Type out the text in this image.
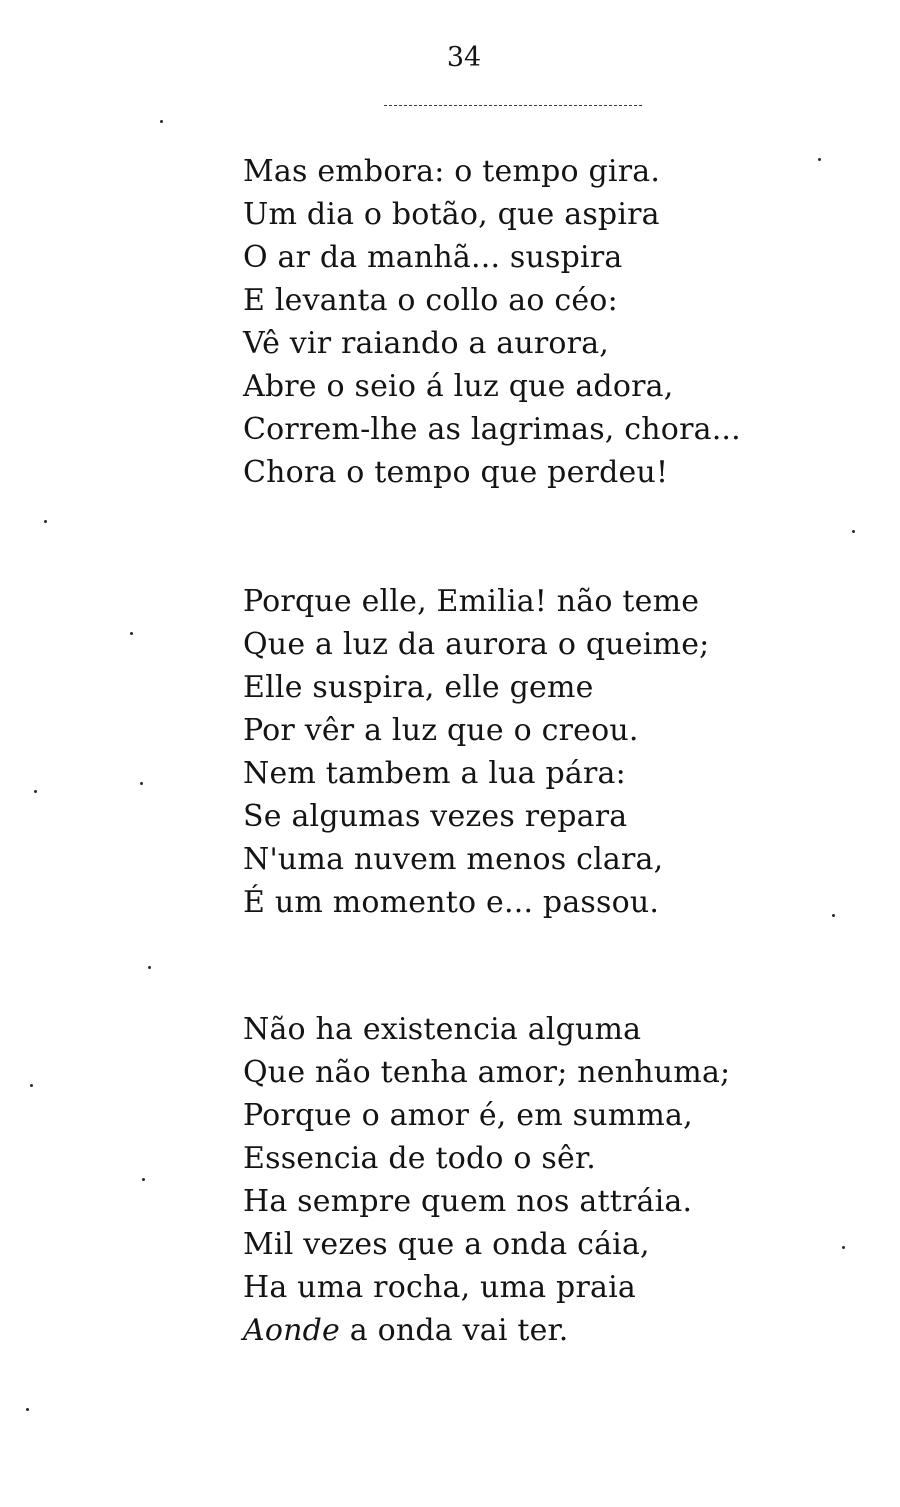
34
Mas embora: o tempo gira.
Um dia o botão, que aspira
O ar da manhã... suspira
E levanta o collo ao céo:
Vê vir raiando a aurora,
Abre o seio á luz que adora,
Correm-lhe as lagrimas, chora...
Chora o tempo que perdeu!
Porque elle, Emilia! não teme
Que a luz da aurora o queime;
Elle suspira, elle geme
Por vêr a luz que o creou.
Nem tambem a lua pára:
Se algumas vezes repara
N'uma nuvem menos clara,
É um momento e... passou.
Não ha existencia alguma
Que não tenha amor; nenhuma;
Porque o amor é, em summa,
Essencia de todo o sêr.
Ha sempre quem nos attráia.
Mil vezes que a onda cáia,
Ha uma rocha, uma praia
Aonde a onda vai ter.
